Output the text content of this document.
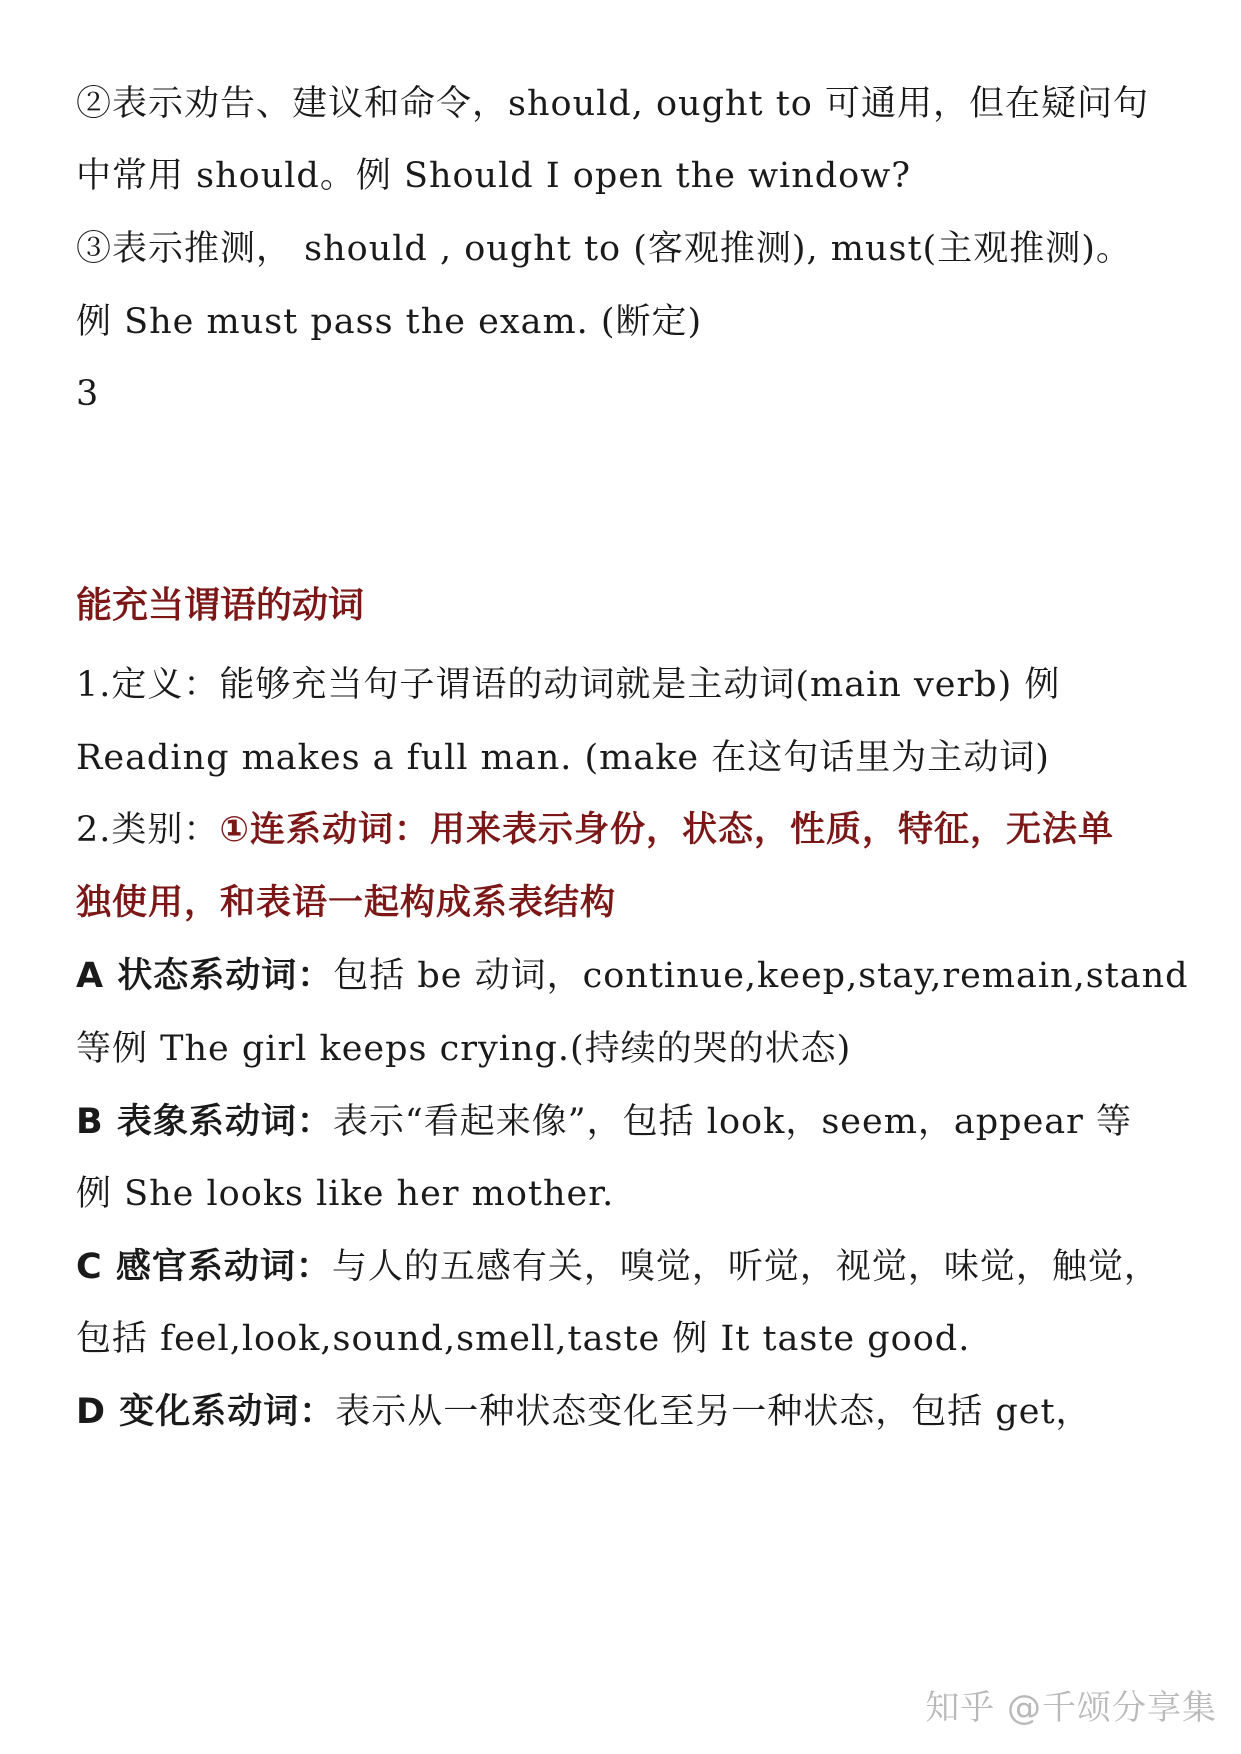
②表示劝告、建议和命令，should, ought to 可通用，但在疑问句
中常用 should。例 Should I open the window?
③表示推测， should , ought to (客观推测), must(主观推测)。
例 She must pass the exam. (断定)
3
能充当谓语的动词
1.定义：能够充当句子谓语的动词就是主动词(main verb) 例
Reading makes a full man. (make 在这句话里为主动词)
2.类别：①连系动词：用来表示身份，状态，性质，特征，无法单
独使用，和表语一起构成系表结构
A 状态系动词：包括 be 动词，continue,keep,stay,remain,stand
等例 The girl keeps crying.(持续的哭的状态)
B 表象系动词：表示“看起来像”，包括 look，seem，appear 等
例 She looks like her mother.
C 感官系动词：与人的五感有关，嗅觉，听觉，视觉，味觉，触觉，
包括 feel,look,sound,smell,taste 例 It taste good.
D 变化系动词：表示从一种状态变化至另一种状态，包括 get，
知乎 @千颂分享集
